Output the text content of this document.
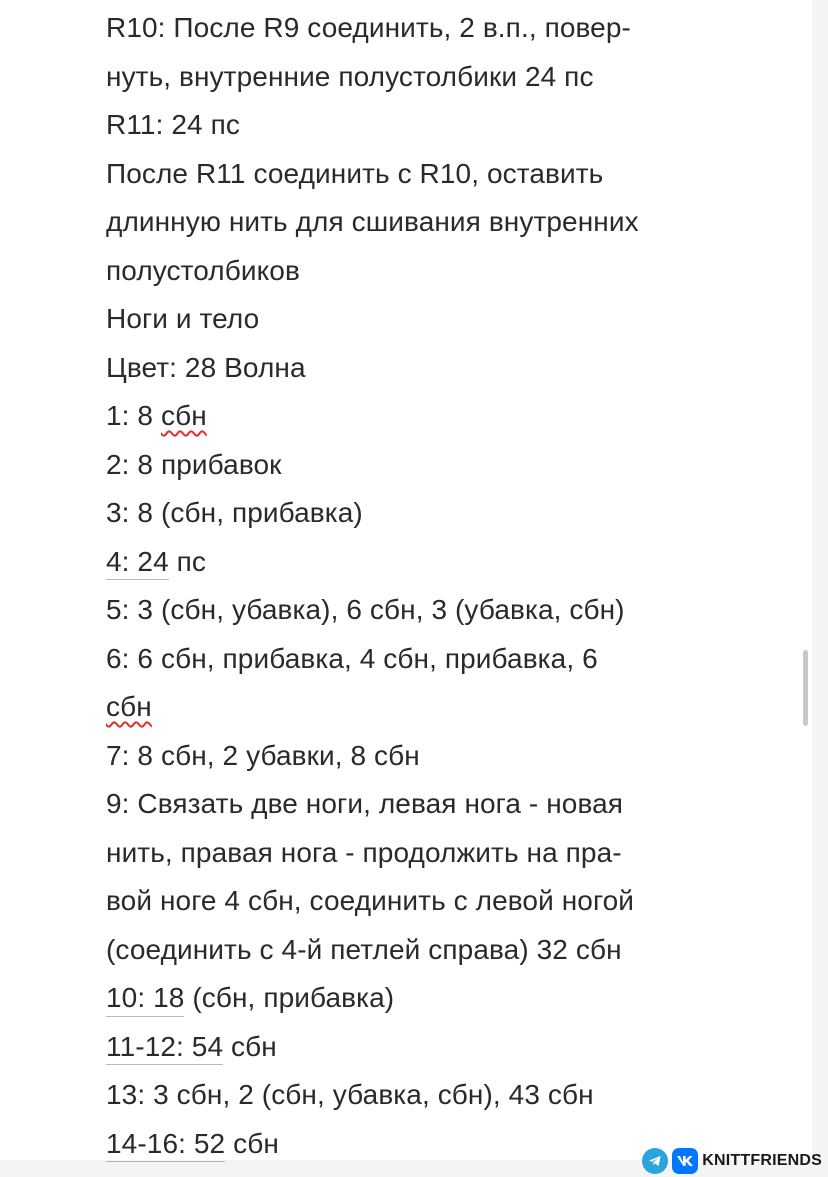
R10: После R9 соединить, 2 в.п., повер-
нуть, внутренние полустолбики 24 пс
R11: 24 пс
После R11 соединить с R10, оставить
длинную нить для сшивания внутренних
полустолбиков
Ноги и тело
Цвет: 28 Волна
1: 8 сбн
2: 8 прибавок
3: 8 (сбн, прибавка)
4: 24 пс
5: 3 (сбн, убавка), 6 сбн, 3 (убавка, сбн)
6: 6 сбн, прибавка, 4 сбн, прибавка, 6
сбн
7: 8 сбн, 2 убавки, 8 сбн
9: Связать две ноги, левая нога - новая
нить, правая нога - продолжить на пра-
вой ноге 4 сбн, соединить с левой ногой
(соединить с 4-й петлей справа) 32 сбн
10: 18 (сбн, прибавка)
11-12: 54 сбн
13: 3 сбн, 2 (сбн, убавка, сбн), 43 сбн
14-16: 52 сбн
KNITTFRIENDS
